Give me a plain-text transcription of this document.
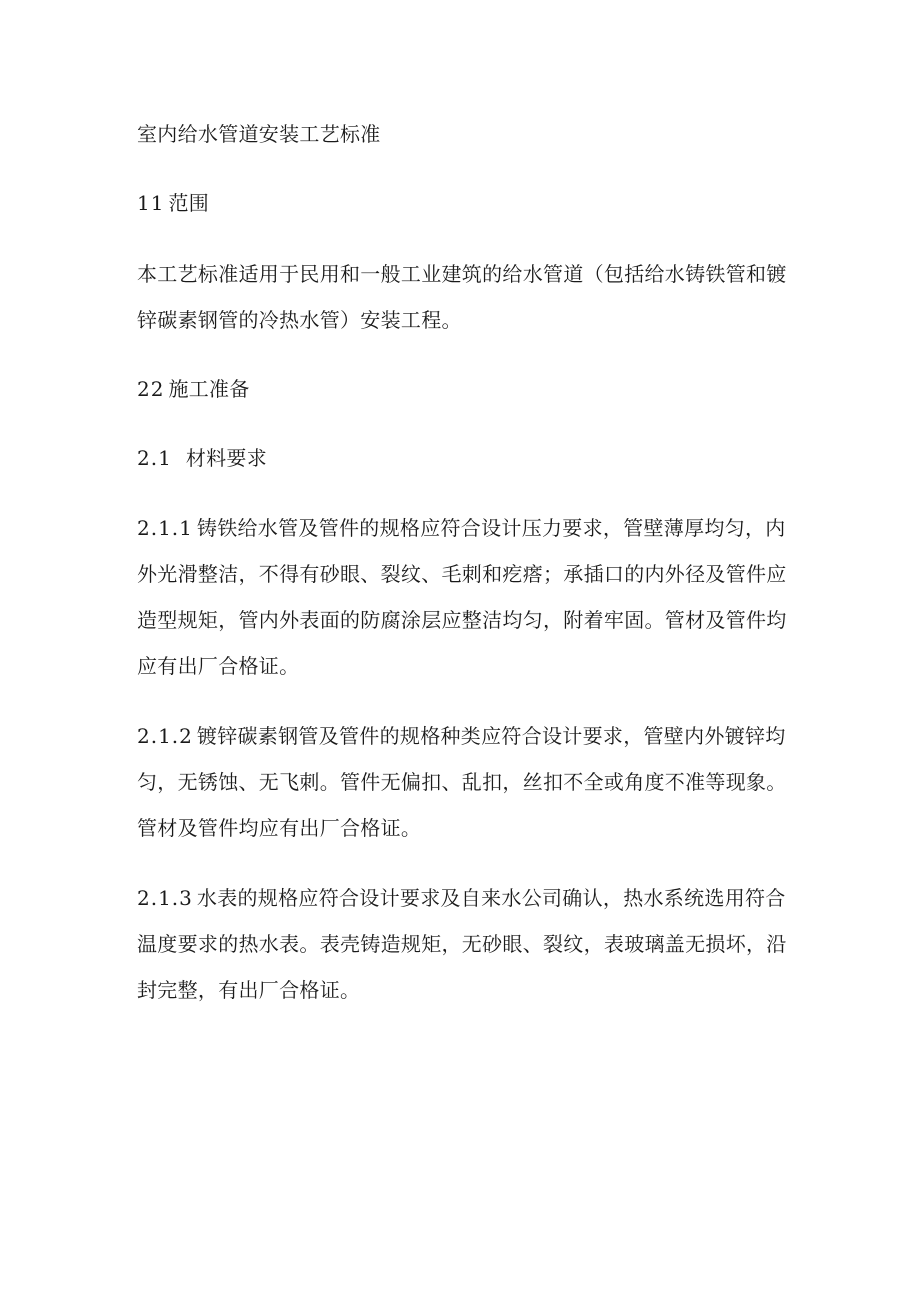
室内给水管道安装工艺标准
11 范围
本工艺标准适用于民用和一般工业建筑的给水管道（包括给水铸铁管和镀
锌碳素钢管的冷热水管）安装工程。
22 施工准备
2.1 材料要求
2.1.1 铸铁给水管及管件的规格应符合设计压力要求，管壁薄厚均匀，内
外光滑整洁，不得有砂眼、裂纹、毛刺和疙瘩；承插口的内外径及管件应
造型规矩，管内外表面的防腐涂层应整洁均匀，附着牢固。管材及管件均
应有出厂合格证。
2.1.2 镀锌碳素钢管及管件的规格种类应符合设计要求，管壁内外镀锌均
匀，无锈蚀、无飞刺。管件无偏扣、乱扣，丝扣不全或角度不准等现象。
管材及管件均应有出厂合格证。
2.1.3 水表的规格应符合设计要求及自来水公司确认，热水系统选用符合
温度要求的热水表。表壳铸造规矩，无砂眼、裂纹，表玻璃盖无损坏，沿
封完整，有出厂合格证。
